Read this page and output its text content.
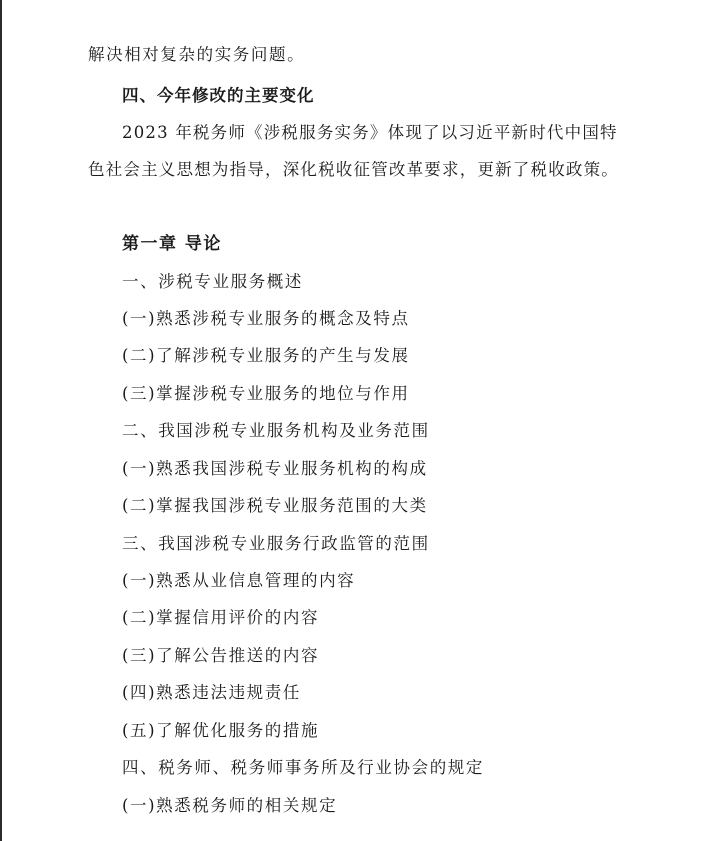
解决相对复杂的实务问题。
四、今年修改的主要变化
2023 年税务师《涉税服务实务》体现了以习近平新时代中国特
色社会主义思想为指导，深化税收征管改革要求，更新了税收政策。
第一章 导论
一、涉税专业服务概述
(一)熟悉涉税专业服务的概念及特点
(二)了解涉税专业服务的产生与发展
(三)掌握涉税专业服务的地位与作用
二、我国涉税专业服务机构及业务范围
(一)熟悉我国涉税专业服务机构的构成
(二)掌握我国涉税专业服务范围的大类
三、我国涉税专业服务行政监管的范围
(一)熟悉从业信息管理的内容
(二)掌握信用评价的内容
(三)了解公告推送的内容
(四)熟悉违法违规责任
(五)了解优化服务的措施
四、税务师、税务师事务所及行业协会的规定
(一)熟悉税务师的相关规定
